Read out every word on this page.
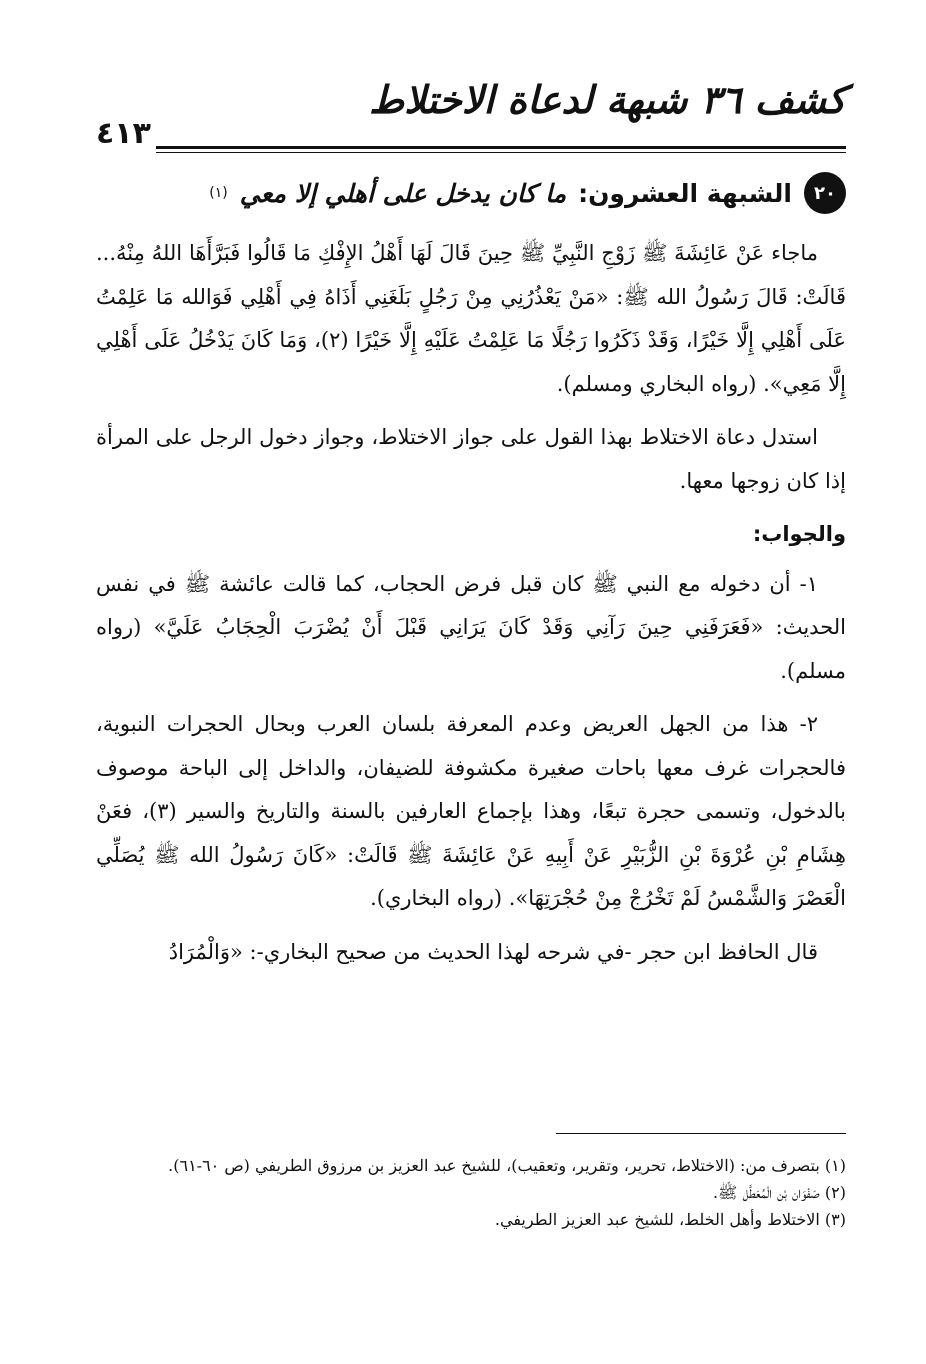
كشف ٣٦ شبهة لدعاة الاختلاط
٤١٣
٢٠
الشبهة العشرون:
ما كان يدخل على أهلي إلا معي
(١)

ماجاء عَنْ عَائِشَةَ ﷺ زَوْجِ النَّبِيِّ ﷺ حِينَ قَالَ لَهَا أَهْلُ الإِفْكِ مَا قَالُوا فَبَرَّأَهَا اللهُ مِنْهُ... قَالَتْ: قَالَ رَسُولُ الله ﷺ: «مَنْ يَعْذُرُنِي مِنْ رَجُلٍ بَلَغَنِي أَذَاهُ فِي أَهْلِي فَوَالله مَا عَلِمْتُ عَلَى أَهْلِي إِلَّا خَيْرًا، وَقَدْ ذَكَرُوا رَجُلًا مَا عَلِمْتُ عَلَيْهِ إِلَّا خَيْرًا (٢)، وَمَا كَانَ يَدْخُلُ عَلَى أَهْلِي إِلَّا مَعِي». (رواه البخاري ومسلم).

استدل دعاة الاختلاط بهذا القول على جواز الاختلاط، وجواز دخول الرجل على المرأة إذا كان زوجها معها.

والجواب:

١- أن دخوله مع النبي ﷺ كان قبل فرض الحجاب، كما قالت عائشة ﷺ في نفس الحديث: «فَعَرَفَنِي حِينَ رَآنِي وَقَدْ كَانَ يَرَانِي قَبْلَ أَنْ يُضْرَبَ الْحِجَابُ عَلَيَّ» (رواه مسلم).

٢- هذا من الجهل العريض وعدم المعرفة بلسان العرب وبحال الحجرات النبوية، فالحجرات غرف معها باحات صغيرة مكشوفة للضيفان، والداخل إلى الباحة موصوف بالدخول، وتسمى حجرة تبعًا، وهذا بإجماع العارفين بالسنة والتاريخ والسير (٣)، فعَنْ هِشَامِ بْنِ عُرْوَةَ بْنِ الزُّبَيْرِ عَنْ أَبِيهِ عَنْ عَائِشَةَ ﷺ قَالَتْ: «كَانَ رَسُولُ الله ﷺ يُصَلِّي الْعَصْرَ وَالشَّمْسُ لَمْ تَخْرُجْ مِنْ حُجْرَتِهَا». (رواه البخاري).

قال الحافظ ابن حجر -في شرحه لهذا الحديث من صحيح البخاري-: «وَالْمُرَادُ

(١) بتصرف من: (الاختلاط، تحرير، وتقرير، وتعقيب)، للشيخ عبد العزيز بن مرزوق الطريفي (ص ٦٠-٦١).

(٢) صَفْوَان بْن الْمُعَطَّل ﷺ.

(٣) الاختلاط وأهل الخلط، للشيخ عبد العزيز الطريفي.
